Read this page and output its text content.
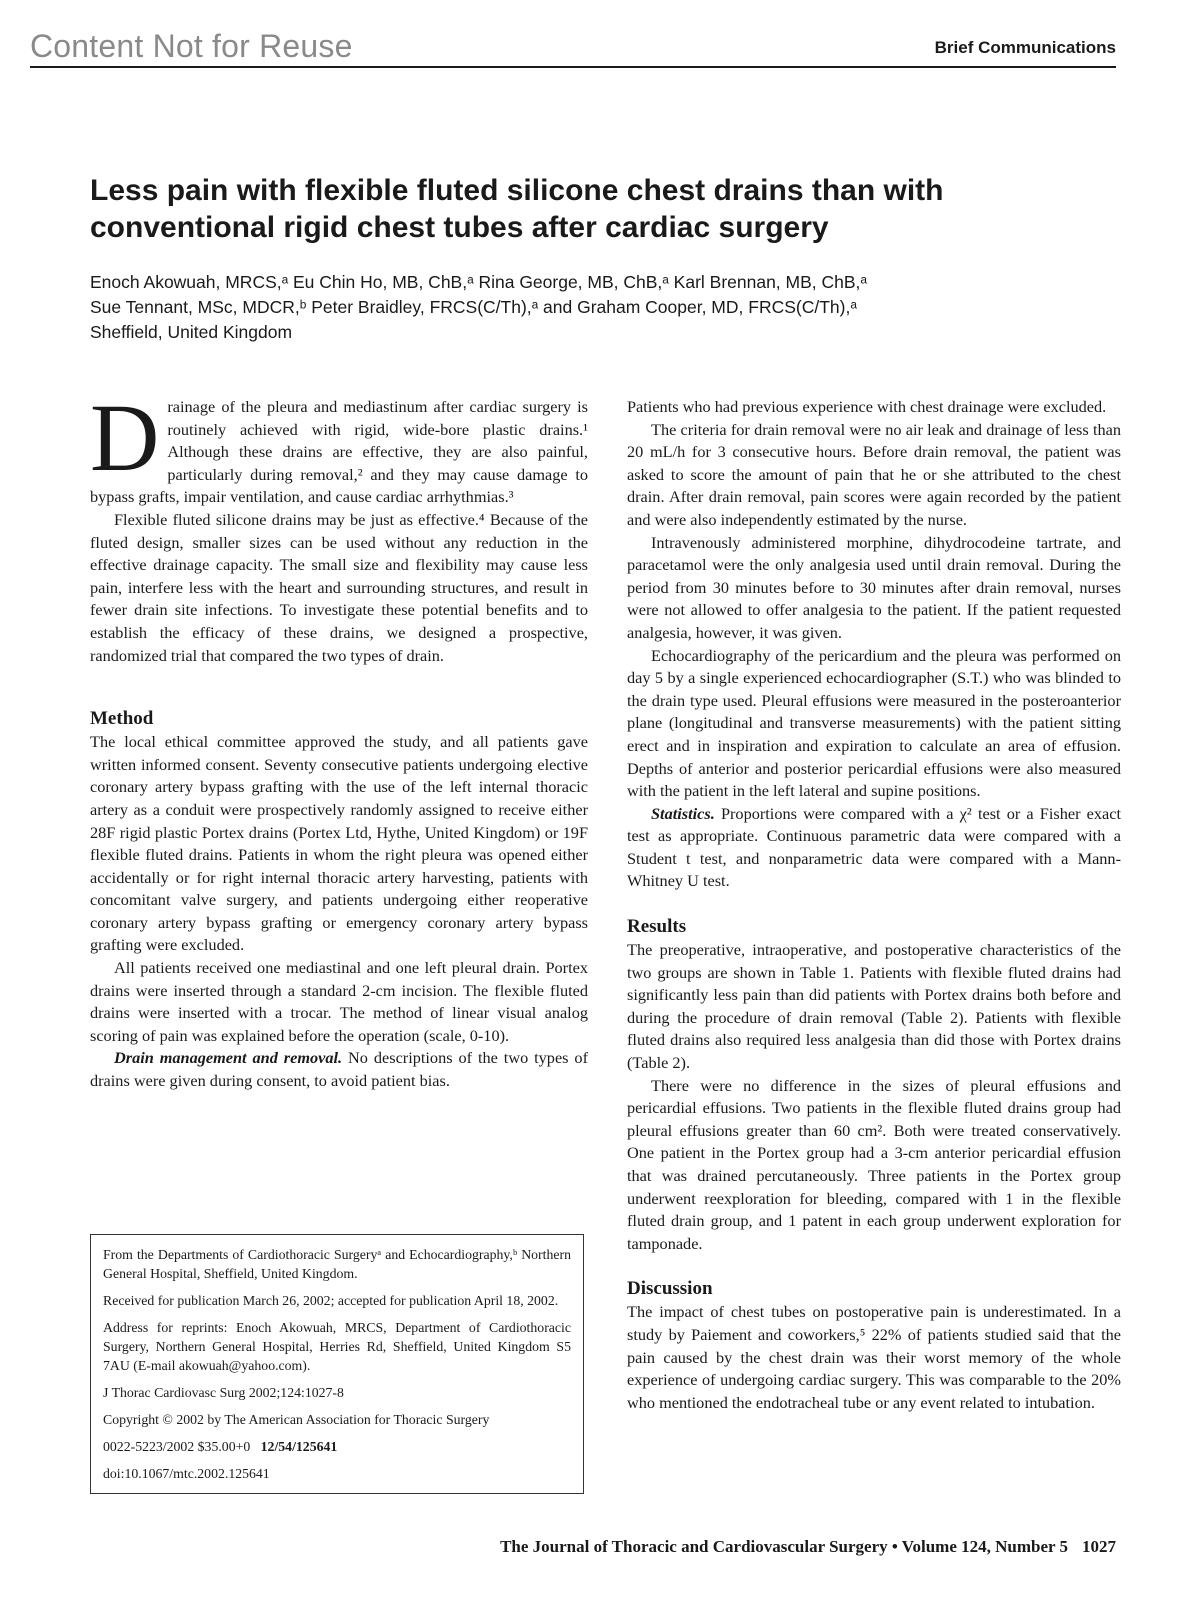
Content Not for Reuse	Brief Communications
Less pain with flexible fluted silicone chest drains than with conventional rigid chest tubes after cardiac surgery
Enoch Akowuah, MRCS,ᵃ Eu Chin Ho, MB, ChB,ᵃ Rina George, MB, ChB,ᵃ Karl Brennan, MB, ChB,ᵃ
Sue Tennant, MSc, MDCR,ᵇ Peter Braidley, FRCS(C/Th),ᵃ and Graham Cooper, MD, FRCS(C/Th),ᵃ
Sheffield, United Kingdom

Drainage of the pleura and mediastinum after cardiac surgery is routinely achieved with rigid, wide-bore plastic drains.¹ Although these drains are effective, they are also painful, particularly during removal,² and they may cause damage to bypass grafts, impair ventilation, and cause cardiac arrhythmias.³

Flexible fluted silicone drains may be just as effective.⁴ Because of the fluted design, smaller sizes can be used without any reduction in the effective drainage capacity. The small size and flexibility may cause less pain, interfere less with the heart and surrounding structures, and result in fewer drain site infections. To investigate these potential benefits and to establish the efficacy of these drains, we designed a prospective, randomized trial that compared the two types of drain.

Method

The local ethical committee approved the study, and all patients gave written informed consent. Seventy consecutive patients undergoing elective coronary artery bypass grafting with the use of the left internal thoracic artery as a conduit were prospectively randomly assigned to receive either 28F rigid plastic Portex drains (Portex Ltd, Hythe, United Kingdom) or 19F flexible fluted drains. Patients in whom the right pleura was opened either accidentally or for right internal thoracic artery harvesting, patients with concomitant valve surgery, and patients undergoing either reoperative coronary artery bypass grafting or emergency coronary artery bypass grafting were excluded.

All patients received one mediastinal and one left pleural drain. Portex drains were inserted through a standard 2-cm incision. The flexible fluted drains were inserted with a trocar. The method of linear visual analog scoring of pain was explained before the operation (scale, 0-10).

Drain management and removal. No descriptions of the two types of drains were given during consent, to avoid patient bias.

From the Departments of Cardiothoracic Surgeryᵃ and Echocardiography,ᵇ Northern General Hospital, Sheffield, United Kingdom.

Received for publication March 26, 2002; accepted for publication April 18, 2002.

Address for reprints: Enoch Akowuah, MRCS, Department of Cardiothoracic Surgery, Northern General Hospital, Herries Rd, Sheffield, United Kingdom S5 7AU (E-mail akowuah@yahoo.com).

J Thorac Cardiovasc Surg 2002;124:1027-8

Copyright © 2002 by The American Association for Thoracic Surgery

0022-5223/2002 $35.00+0 12/54/125641

doi:10.1067/mtc.2002.125641

Patients who had previous experience with chest drainage were excluded.

The criteria for drain removal were no air leak and drainage of less than 20 mL/h for 3 consecutive hours. Before drain removal, the patient was asked to score the amount of pain that he or she attributed to the chest drain. After drain removal, pain scores were again recorded by the patient and were also independently estimated by the nurse.

Intravenously administered morphine, dihydrocodeine tartrate, and paracetamol were the only analgesia used until drain removal. During the period from 30 minutes before to 30 minutes after drain removal, nurses were not allowed to offer analgesia to the patient. If the patient requested analgesia, however, it was given.

Echocardiography of the pericardium and the pleura was performed on day 5 by a single experienced echocardiographer (S.T.) who was blinded to the drain type used. Pleural effusions were measured in the posteroanterior plane (longitudinal and transverse measurements) with the patient sitting erect and in inspiration and expiration to calculate an area of effusion. Depths of anterior and posterior pericardial effusions were also measured with the patient in the left lateral and supine positions.

Statistics. Proportions were compared with a χ² test or a Fisher exact test as appropriate. Continuous parametric data were compared with a Student t test, and nonparametric data were compared with a Mann-Whitney U test.

Results

The preoperative, intraoperative, and postoperative characteristics of the two groups are shown in Table 1. Patients with flexible fluted drains had significantly less pain than did patients with Portex drains both before and during the procedure of drain removal (Table 2). Patients with flexible fluted drains also required less analgesia than did those with Portex drains (Table 2).

There were no difference in the sizes of pleural effusions and pericardial effusions. Two patients in the flexible fluted drains group had pleural effusions greater than 60 cm². Both were treated conservatively. One patient in the Portex group had a 3-cm anterior pericardial effusion that was drained percutaneously. Three patients in the Portex group underwent reexploration for bleeding, compared with 1 in the flexible fluted drain group, and 1 patent in each group underwent exploration for tamponade.

Discussion

The impact of chest tubes on postoperative pain is underestimated. In a study by Paiement and coworkers,⁵ 22% of patients studied said that the pain caused by the chest drain was their worst memory of the whole experience of undergoing cardiac surgery. This was comparable to the 20% who mentioned the endotracheal tube or any event related to intubation.

The Journal of Thoracic and Cardiovascular Surgery • Volume 124, Number 5 1027
